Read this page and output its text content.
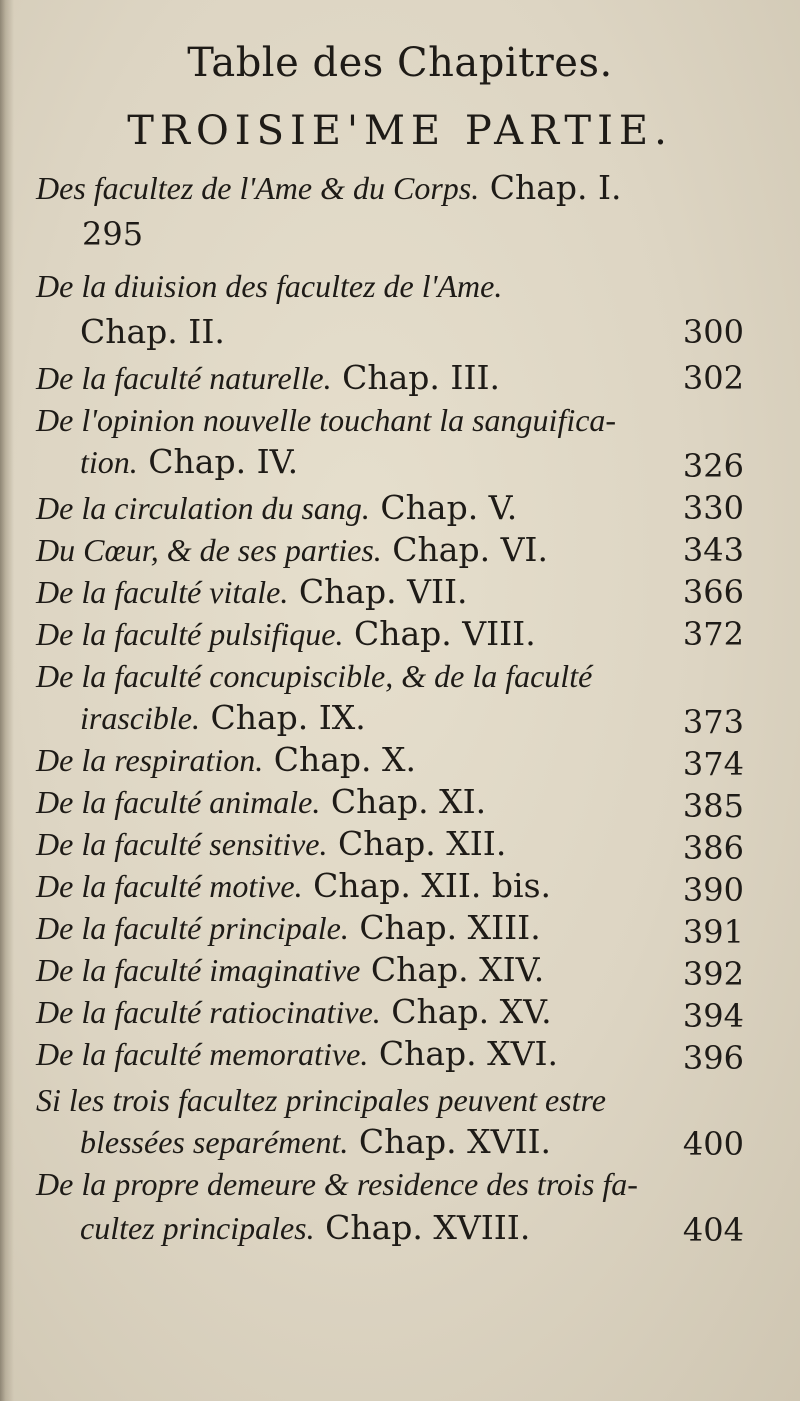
Table des Chapitres.
TROISIE'ME PARTIE.
Des facultez de l'Ame & du Corps. Chap. I.
295
De la diuision des facultez de l'Ame.
Chap. II.	300
De la faculté naturelle. Chap. III.	302
De l'opinion nouvelle touchant la sanguifica-
tion. Chap. IV.	326
De la circulation du sang. Chap. V.	330
Du Cœur, & de ses parties. Chap. VI.	343
De la faculté vitale. Chap. VII.	366
De la faculté pulsifique. Chap. VIII.	372
De la faculté concupiscible, & de la faculté
irascible. Chap. IX.	373
De la respiration. Chap. X.	374
De la faculté animale. Chap. XI.	385
De la faculté sensitive. Chap. XII.	386
De la faculté motive. Chap. XII. bis.	390
De la faculté principale. Chap. XIII.	391
De la faculté imaginative Chap. XIV.	392
De la faculté ratiocinative. Chap. XV.	394
De la faculté memorative. Chap. XVI.	396
Si les trois facultez principales peuvent estre
blessées separément. Chap. XVII.	400
De la propre demeure & residence des trois fa-
cultez principales. Chap. XVIII.	404
